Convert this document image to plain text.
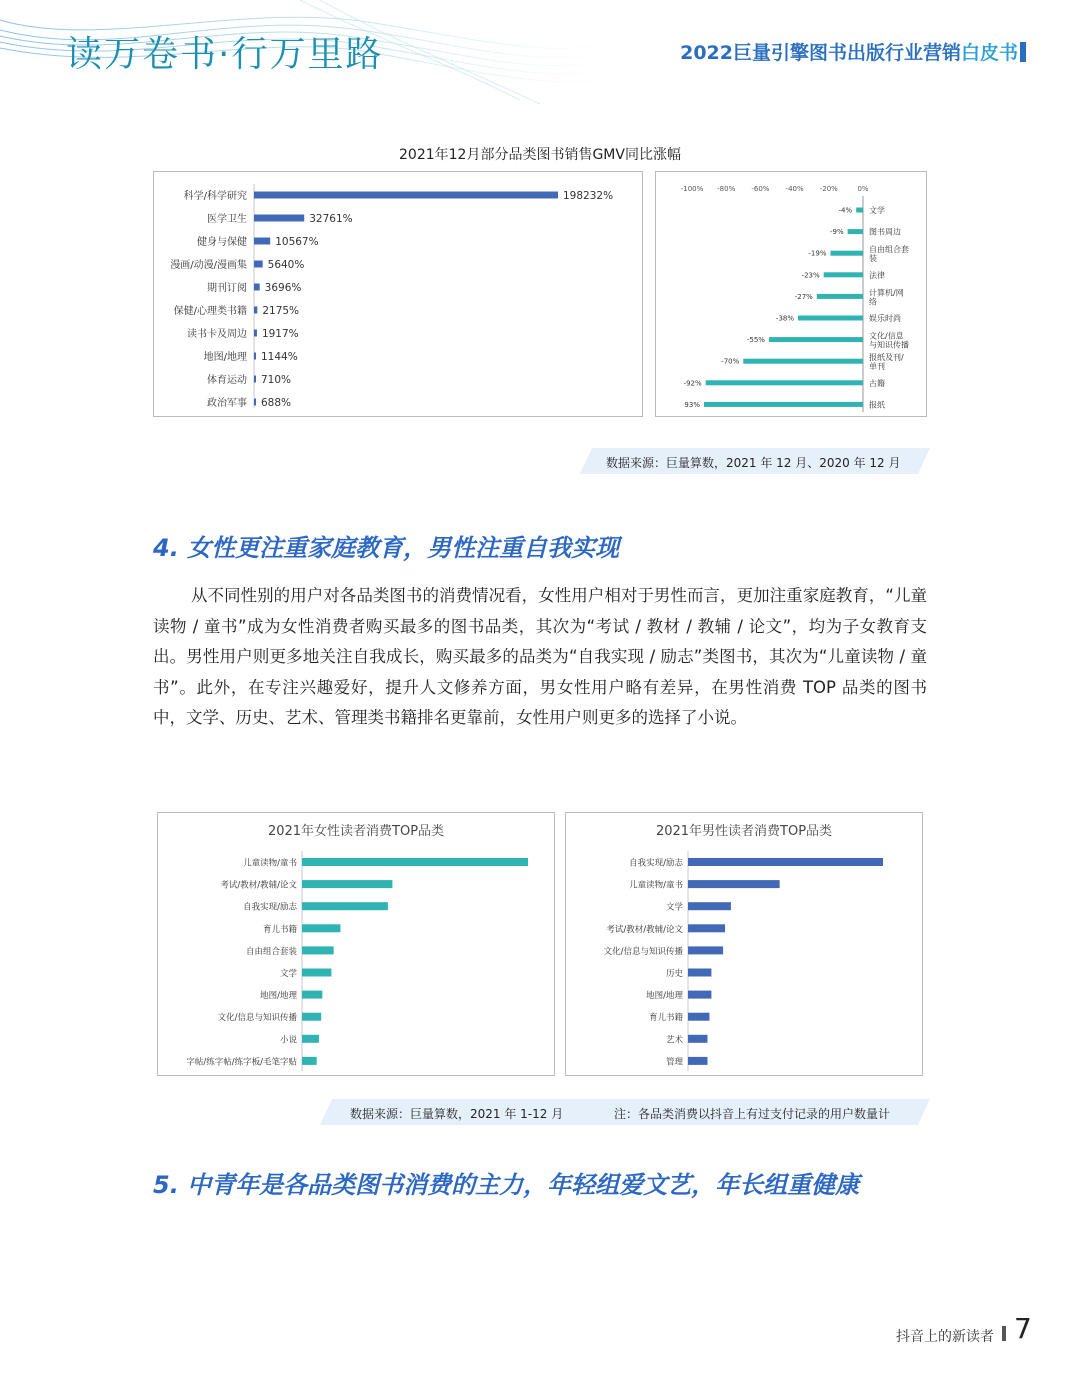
读万卷书·行万里路	2022巨量引擎图书出版行业营销白皮书
2021年12月部分品类图书销售GMV同比涨幅
科学/科学研究	198232%
医学卫生	32761%
健身与保健	10567%
漫画/动漫/漫画集 5640%
期刊订阅 3696%
保健/心理类书籍 2175%
读书卡及周边 1917%
地图/地理 1144%
体育运动 710%
政治军事 688%
-100% -80% -60% -40% -20%	0%
-4% 文学
-9%	图书周边
-19%	自由组合套装
-23%	法律
-27%	计算机/网络
-38%	娱乐时尚
-55%	文化/信息与知识传播
-70%	报纸及刊/单刊
-92%	古籍
93%	报纸
数据来源：巨量算数，2021 年 12 月、2020 年 12 月
4. 女性更注重家庭教育，男性注重自我实现
从不同性别的用户对各品类图书的消费情况看，女性用户相对于男性而言，更加注重家庭教育，“儿童读物 / 童书”成为女性消费者购买最多的图书品类，其次为“考试 / 教材 / 教辅 / 论文”，均为子女教育支出。男性用户则更多地关注自我成长，购买最多的品类为“自我实现 / 励志”类图书，其次为“儿童读物 / 童书”。此外，在专注兴趣爱好，提升人文修养方面，男女性用户略有差异，在男性消费 TOP 品类的图书中，文学、历史、艺术、管理类书籍排名更靠前，女性用户则更多的选择了小说。
2021年女性读者消费TOP品类
儿童读物/童书
考试/教材/教辅/论文
自我实现/励志
育儿书籍
自由组合套装
文学
地图/地理
文化/信息与知识传播
小说
字帖/练字帖/练字板/毛笔字贴
2021年男性读者消费TOP品类
自我实现/励志
儿童读物/童书
文学
考试/教材/教辅/论文
文化/信息与知识传播
历史
地图/地理
育儿书籍
艺术
管理
数据来源：巨量算数，2021 年 1-12 月	注：各品类消费以抖音上有过支付记录的用户数量计
5. 中青年是各品类图书消费的主力，年轻组爱文艺，年长组重健康
抖音上的新读者 7
